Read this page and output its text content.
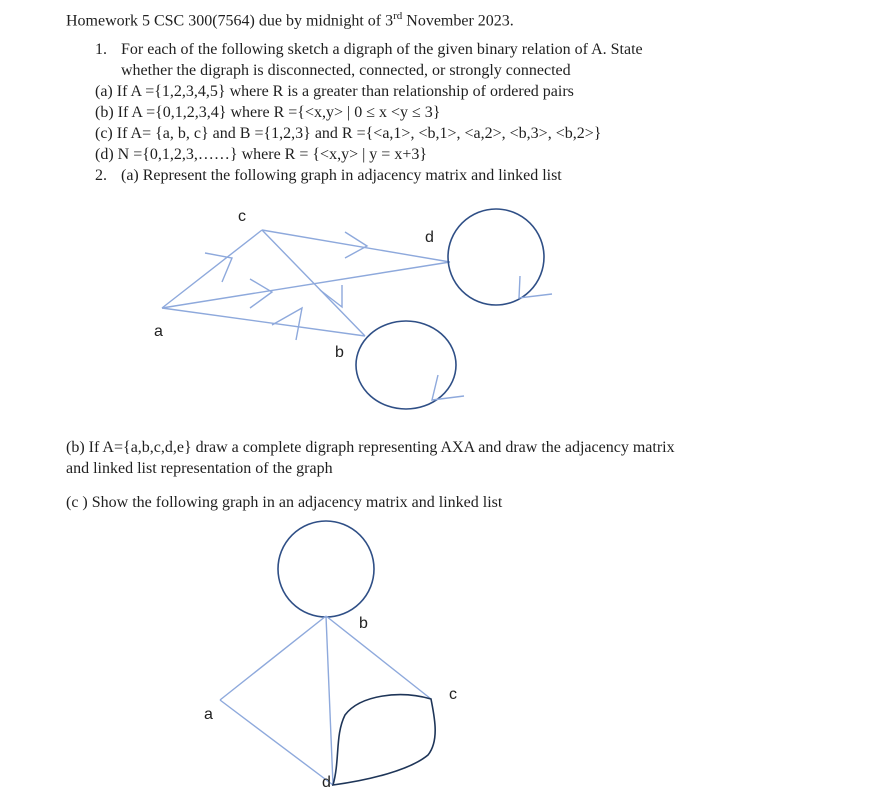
Homework 5 CSC 300(7564) due by midnight of 3rd November 2023.
1. For each of the following sketch a digraph of the given binary relation of A. State
whether the digraph is disconnected, connected, or strongly connected
(a) If A ={1,2,3,4,5} where R is a greater than relationship of ordered pairs
(b) If A ={0,1,2,3,4} where R ={<x,y> | 0 ≤ x <y ≤ 3}
(c) If A= {a, b, c} and B ={1,2,3} and R ={<a,1>, <b,1>, <a,2>, <b,3>, <b,2>}
(d) N ={0,1,2,3,……} where R = {<x,y> | y = x+3}
2. (a) Represent the following graph in adjacency matrix and linked list
c
d
a
b
(b) If A={a,b,c,d,e} draw a complete digraph representing AXA and draw the adjacency matrix
and linked list representation of the graph
(c ) Show the following graph in an adjacency matrix and linked list
b
c
a
d
